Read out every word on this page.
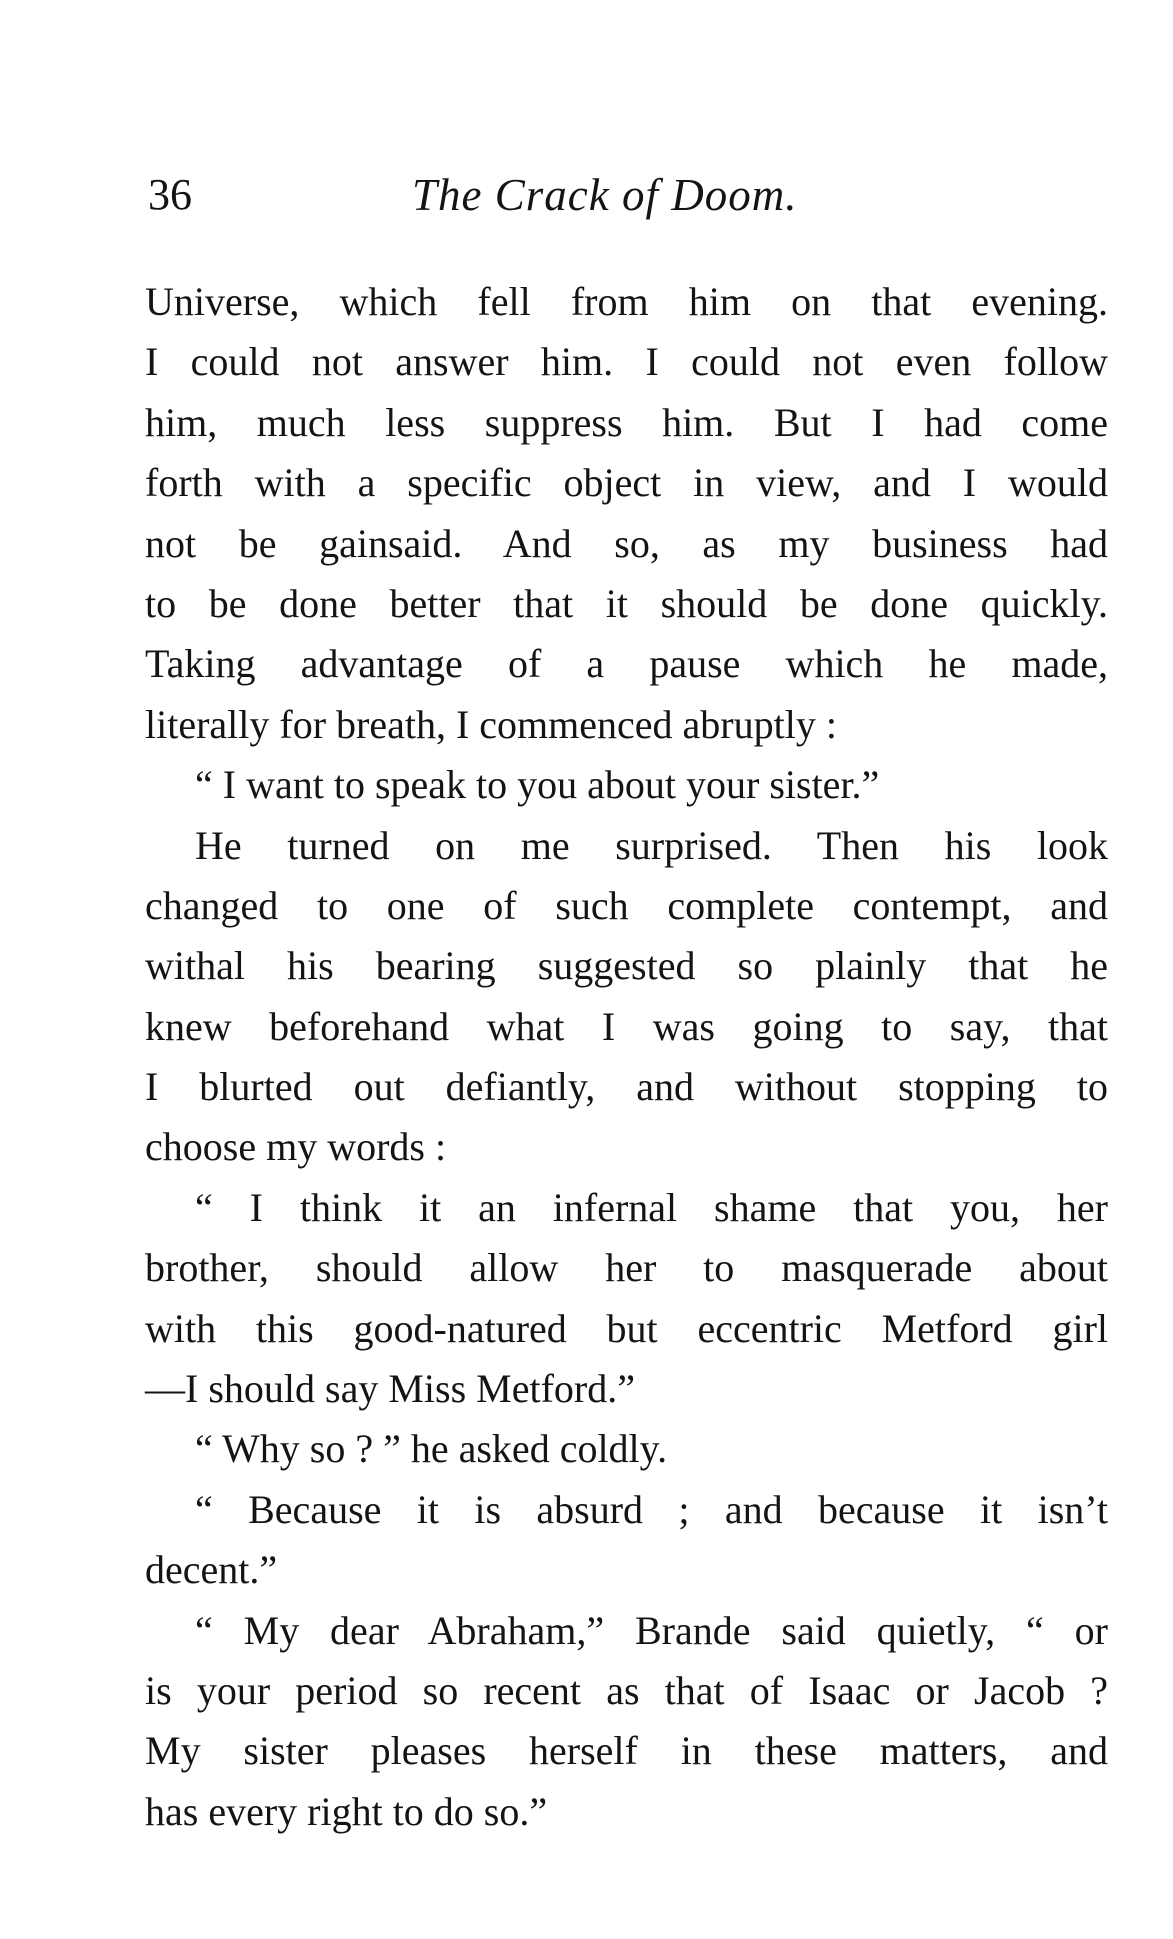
36	The Crack of Doom.
Universe, which fell from him on that evening.
I could not answer him. I could not even follow
him, much less suppress him. But I had come
forth with a specific object in view, and I would
not be gainsaid. And so, as my business had
to be done better that it should be done quickly.
Taking advantage of a pause which he made,
literally for breath, I commenced abruptly :
“ I want to speak to you about your sister.”
He turned on me surprised. Then his look
changed to one of such complete contempt, and
withal his bearing suggested so plainly that he
knew beforehand what I was going to say, that
I blurted out defiantly, and without stopping to
choose my words :
“ I think it an infernal shame that you, her
brother, should allow her to masquerade about
with this good-natured but eccentric Metford girl
—I should say Miss Metford.”
“ Why so ? ” he asked coldly.
“ Because it is absurd ; and because it isn’t
decent.”
“ My dear Abraham,” Brande said quietly, “ or
is your period so recent as that of Isaac or Jacob ?
My sister pleases herself in these matters, and
has every right to do so.”
